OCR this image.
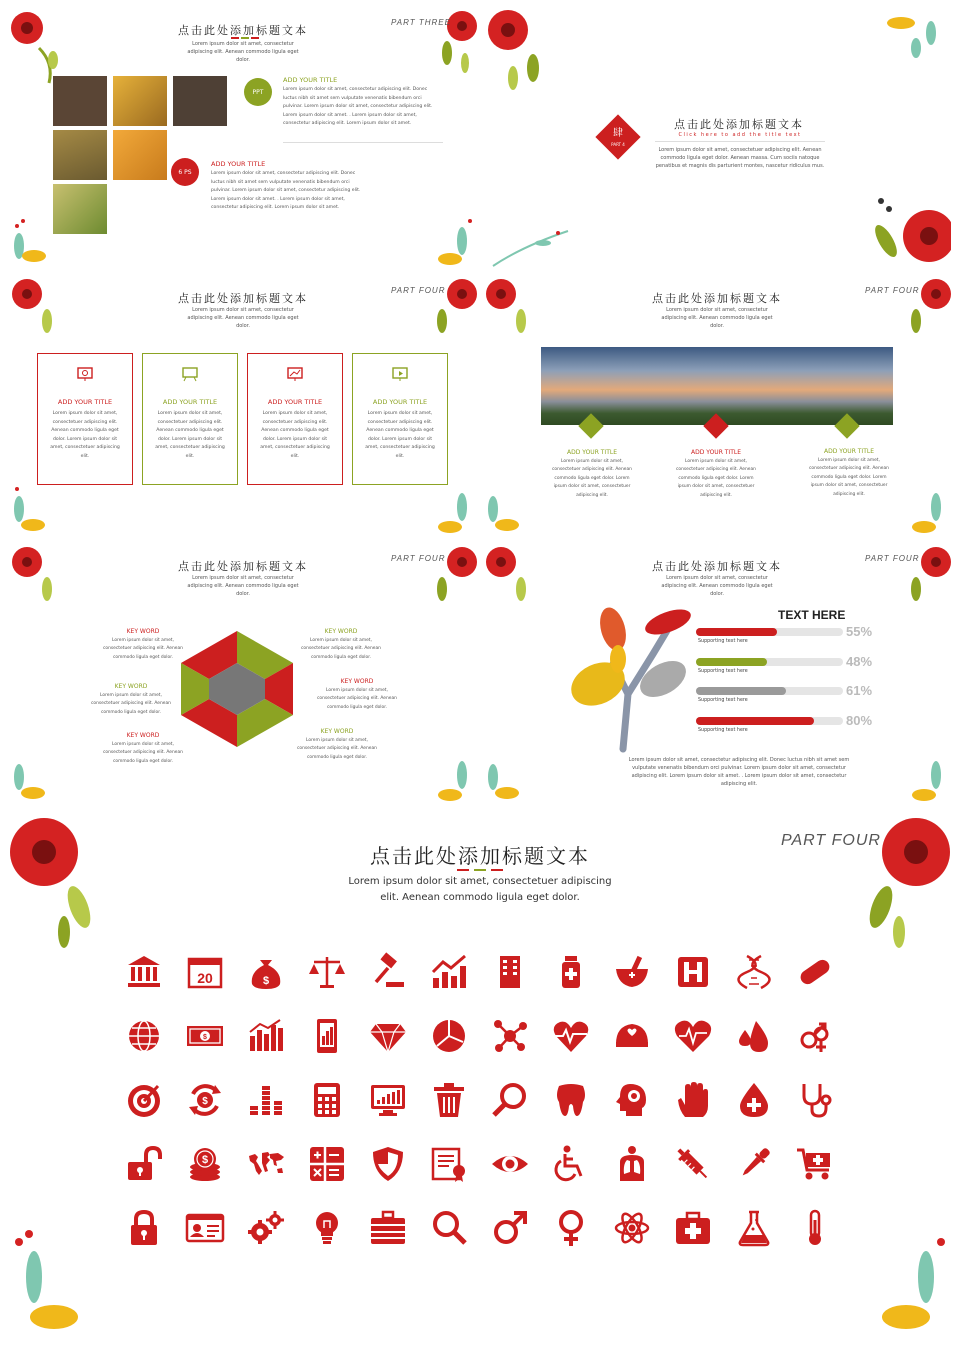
点击此处添加标题文本
Lorem ipsum dolor sit amet, consectetur adipiscing elit. Aenean commodo ligula eget dolor.
PART THREE
PPT
ADD YOUR TITLE
Lorem ipsum dolor sit amet, consectetur adipiscing elit. Donec luctus nibh sit amet sem vulputate venenatis bibendum orci pulvinar. Lorem ipsum dolor sit amet, consectetur adipiscing elit. Lorem ipsum dolor sit amet. . Lorem ipsum dolor sit amet, consectetur adipiscing elit. Lorem ipsum dolor sit amet.
6 PS
ADD YOUR TITLE
Lorem ipsum dolor sit amet, consectetur adipiscing elit. Donec luctus nibh sit amet sem vulputate venenatis bibendum orci pulvinar. Lorem ipsum dolor sit amet, consectetur adipiscing elit. Lorem ipsum dolor sit amet. . Lorem ipsum dolor sit amet, consectetur adipiscing elit. Lorem ipsum dolor sit amet.
肆
PART 4
点击此处添加标题文本
Click here to add the title text
Lorem ipsum dolor sit amet, consectetuer adipiscing elit. Aenean commodo ligula eget dolor. Aenean massa. Cum sociis natoque penatibus et magnis dis parturient montes, nascetur ridiculus mus.
点击此处添加标题文本
Lorem ipsum dolor sit amet, consectetur adipiscing elit. Aenean commodo ligula eget dolor.
PART FOUR
ADD YOUR TITLE

Lorem ipsum dolor sit amet, consectetuer adipiscing elit. Aenean commodo ligula eget dolor. Lorem ipsum dolor sit amet, consectetuer adipiscing elit.

ADD YOUR TITLE

Lorem ipsum dolor sit amet, consectetuer adipiscing elit. Aenean commodo ligula eget dolor. Lorem ipsum dolor sit amet, consectetuer adipiscing elit.

ADD YOUR TITLE

Lorem ipsum dolor sit amet, consectetuer adipiscing elit. Aenean commodo ligula eget dolor. Lorem ipsum dolor sit amet, consectetuer adipiscing elit.

ADD YOUR TITLE

Lorem ipsum dolor sit amet, consectetuer adipiscing elit. Aenean commodo ligula eget dolor. Lorem ipsum dolor sit amet, consectetuer adipiscing elit.

点击此处添加标题文本
Lorem ipsum dolor sit amet, consectetur adipiscing elit. Aenean commodo ligula eget dolor.
PART FOUR
ADD YOUR TITLE

Lorem ipsum dolor sit amet, consectetuer adipiscing elit. Aenean commodo ligula eget dolor. Lorem ipsum dolor sit amet, consectetuer adipiscing elit.

ADD YOUR TITLE

Lorem ipsum dolor sit amet, consectetuer adipiscing elit. Aenean commodo ligula eget dolor. Lorem ipsum dolor sit amet, consectetuer adipiscing elit.

ADD YOUR TITLE

Lorem ipsum dolor sit amet, consectetuer adipiscing elit. Aenean commodo ligula eget dolor. Lorem ipsum dolor sit amet, consectetuer adipiscing elit.

点击此处添加标题文本
Lorem ipsum dolor sit amet, consectetur adipiscing elit. Aenean commodo ligula eget dolor.
PART FOUR
KEY WORD

Lorem ipsum dolor sit amet, consectetuer adipiscing elit. Aenean commodo ligula eget dolor.

KEY WORD

Lorem ipsum dolor sit amet, consectetuer adipiscing elit. Aenean commodo ligula eget dolor.

KEY WORD

Lorem ipsum dolor sit amet, consectetuer adipiscing elit. Aenean commodo ligula eget dolor.

KEY WORD

Lorem ipsum dolor sit amet, consectetuer adipiscing elit. Aenean commodo ligula eget dolor.

KEY WORD

Lorem ipsum dolor sit amet, consectetuer adipiscing elit. Aenean commodo ligula eget dolor.

KEY WORD

Lorem ipsum dolor sit amet, consectetuer adipiscing elit. Aenean commodo ligula eget dolor.

点击此处添加标题文本
Lorem ipsum dolor sit amet, consectetur adipiscing elit. Aenean commodo ligula eget dolor.
PART FOUR
TEXT HERE
Lorem ipsum dolor sit amet, consectetur adipiscing elit. Donec luctus nibh sit amet sem vulputate venenatis bibendum orci pulvinar. Lorem ipsum dolor sit amet, consectetur adipiscing elit. Lorem ipsum dolor sit amet. . Lorem ipsum dolor sit amet, consectetur adipiscing elit.
Supporting text here
55%
Supporting text here
48%
Supporting text here
61%
Supporting text here
80%
点击此处添加标题文本
Lorem ipsum dolor sit amet, consectetuer adipiscing
elit. Aenean commodo ligula eget dolor.
PART FOUR
20	$
$
$
$
